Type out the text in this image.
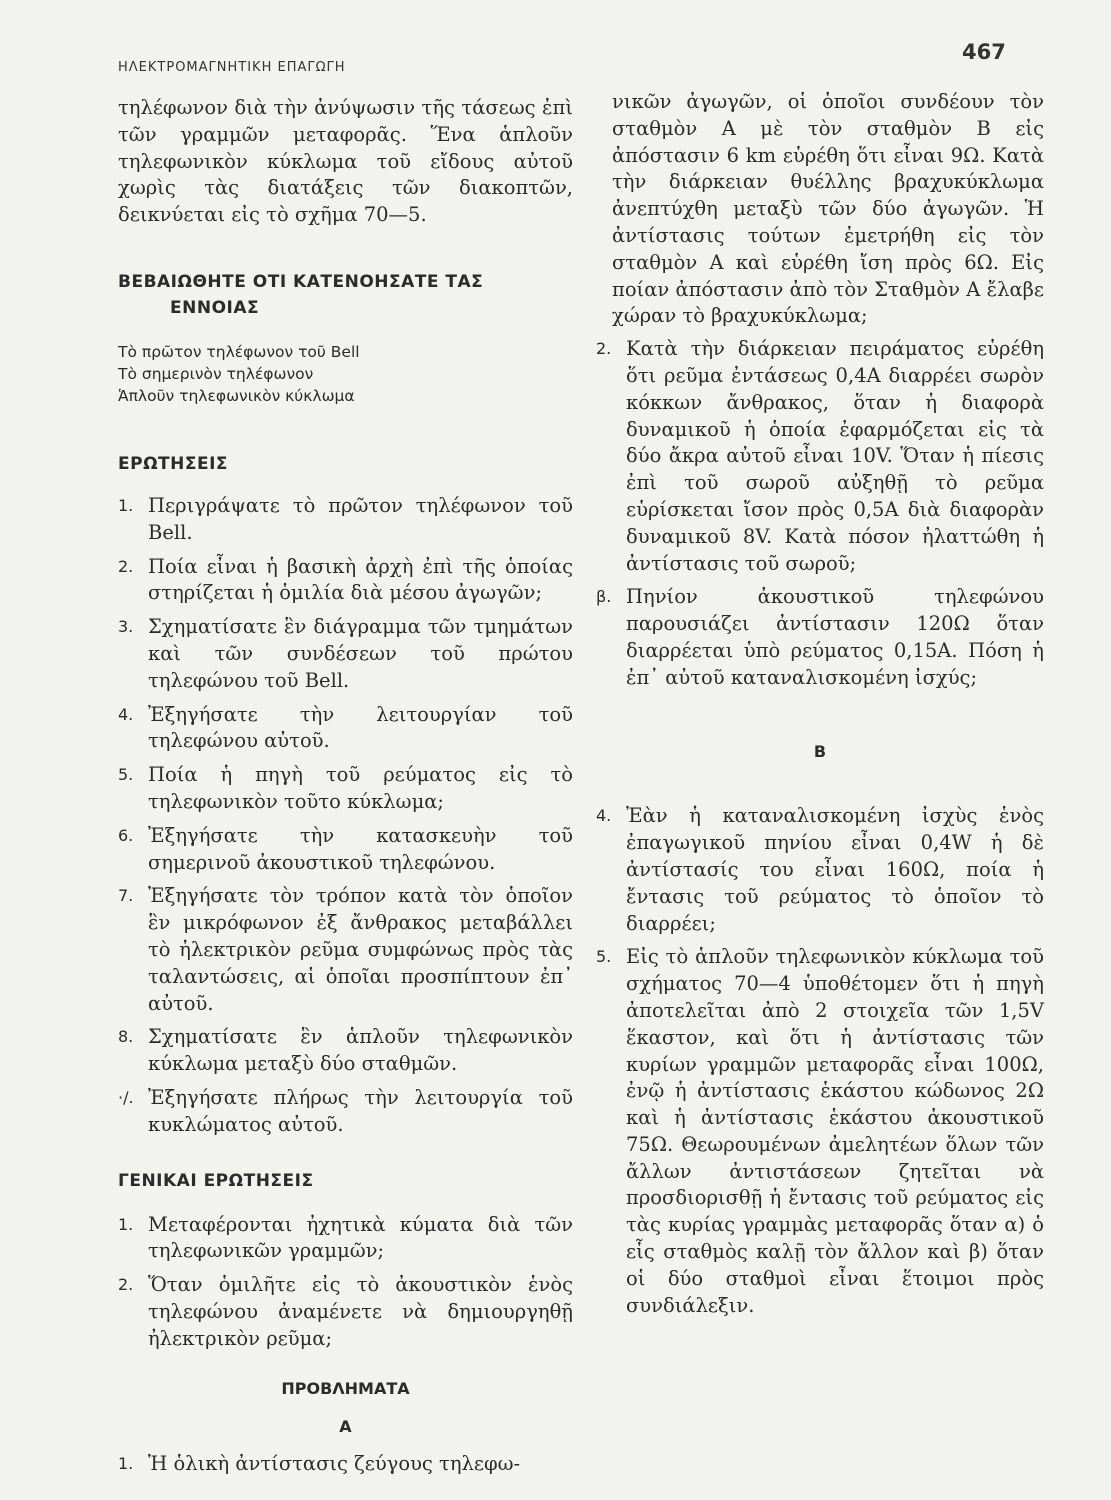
ΗΛΕΚΤΡΟΜΑΓΝΗΤΙΚΗ ΕΠΑΓΩΓΗ
467

τηλέφωνον διὰ τὴν ἀνύψωσιν τῆς τάσεως ἐπὶ τῶν γραμμῶν μεταφορᾶς. Ἕνα ἁπλοῦν τηλεφωνικὸν κύκλωμα τοῦ εἴδους αὐτοῦ χωρὶς τὰς διατάξεις τῶν διακοπτῶν, δεικνύεται εἰς τὸ σχῆμα 70—5.

ΒΕΒΑΙΩΘΗΤΕ ΟΤΙ ΚΑΤΕΝΟΗΣΑΤΕ ΤΑΣ
ΕΝΝΟΙΑΣ

Τὸ πρῶτον τηλέφωνον τοῦ Bell
Τὸ σημερινὸν τηλέφωνον
Ἁπλοῦν τηλεφωνικὸν κύκλωμα

ΕΡΩΤΗΣΕΙΣ

1. Περιγράψατε τὸ πρῶτον τηλέφωνον τοῦ Bell.
2. Ποία εἶναι ἡ βασικὴ ἀρχὴ ἐπὶ τῆς ὁποίας στηρίζεται ἡ ὁμιλία διὰ μέσου ἀγωγῶν;
3. Σχηματίσατε ἓν διάγραμμα τῶν τμημάτων καὶ τῶν συνδέσεων τοῦ πρώτου τηλεφώνου τοῦ Bell.
4. Ἐξηγήσατε τὴν λειτουργίαν τοῦ τηλεφώνου αὐτοῦ.
5. Ποία ἡ πηγὴ τοῦ ρεύματος εἰς τὸ τηλεφωνικὸν τοῦτο κύκλωμα;
6. Ἐξηγήσατε τὴν κατασκευὴν τοῦ σημερινοῦ ἀκουστικοῦ τηλεφώνου.
7. Ἐξηγήσατε τὸν τρόπον κατὰ τὸν ὁποῖον ἓν μικρόφωνον ἐξ ἄνθρακος μεταβάλλει τὸ ἠλεκτρικὸν ρεῦμα συμφώνως πρὸς τὰς ταλαντώσεις, αἱ ὁποῖαι προσπίπτουν ἐπ᾽ αὐτοῦ.
8. Σχηματίσατε ἓν ἁπλοῦν τηλεφωνικὸν κύκλωμα μεταξὺ δύο σταθμῶν.
·/. Ἐξηγήσατε πλήρως τὴν λειτουργία τοῦ κυκλώματος αὐτοῦ.

ΓΕΝΙΚΑΙ ΕΡΩΤΗΣΕΙΣ

1. Μεταφέρονται ἠχητικὰ κύματα διὰ τῶν τηλεφωνικῶν γραμμῶν;
2. Ὅταν ὁμιλῆτε εἰς τὸ ἀκουστικὸν ἑνὸς τηλεφώνου ἀναμένετε νὰ δημιουργηθῇ ἠλεκτρικὸν ρεῦμα;

ΠΡΟΒΛΗΜΑΤΑ

Α

1. Ἡ ὁλικὴ ἀντίστασις ζεύγους τηλεφω-

νικῶν ἀγωγῶν, οἱ ὁποῖοι συνδέουν τὸν σταθμὸν Α μὲ τὸν σταθμὸν Β εἰς ἀπόστασιν 6 km εὑρέθη ὅτι εἶναι 9Ω. Κατὰ τὴν διάρκειαν θυέλλης βραχυκύκλωμα ἀνεπτύχθη μεταξὺ τῶν δύο ἀγωγῶν. Ἡ ἀντίστασις τούτων ἐμετρήθη εἰς τὸν σταθμὸν Α καὶ εὑρέθη ἴση πρὸς 6Ω. Εἰς ποίαν ἀπόστασιν ἀπὸ τὸν Σταθμὸν Α ἔλαβε χώραν τὸ βραχυκύκλωμα;

2. Κατὰ τὴν διάρκειαν πειράματος εὑρέθη ὅτι ρεῦμα ἐντάσεως 0,4Α διαρρέει σωρὸν κόκκων ἄνθρακος, ὅταν ἡ διαφορὰ δυναμικοῦ ἡ ὁποία ἐφαρμόζεται εἰς τὰ δύο ἄκρα αὐτοῦ εἶναι 10V. Ὅταν ἡ πίεσις ἐπὶ τοῦ σωροῦ αὐξηθῇ τὸ ρεῦμα εὑρίσκεται ἴσον πρὸς 0,5Α διὰ διαφορὰν δυναμικοῦ 8V. Κατὰ πόσον ἠλαττώθη ἡ ἀντίστασις τοῦ σωροῦ;
β. Πηνίον ἀκουστικοῦ τηλεφώνου παρουσιάζει ἀντίστασιν 120Ω ὅταν διαρρέεται ὑπὸ ρεύματος 0,15Α. Πόση ἡ ἐπ᾽ αὐτοῦ καταναλισκομένη ἰσχύς;

Β

4. Ἐὰν ἡ καταναλισκομένη ἰσχὺς ἑνὸς ἐπαγωγικοῦ πηνίου εἶναι 0,4W ἡ δὲ ἀντίστασίς του εἶναι 160Ω, ποία ἡ ἔντασις τοῦ ρεύματος τὸ ὁποῖον τὸ διαρρέει;
5. Εἰς τὸ ἁπλοῦν τηλεφωνικὸν κύκλωμα τοῦ σχήματος 70—4 ὑποθέτομεν ὅτι ἡ πηγὴ ἀποτελεῖται ἀπὸ 2 στοιχεῖα τῶν 1,5V ἕκαστον, καὶ ὅτι ἡ ἀντίστασις τῶν κυρίων γραμμῶν μεταφορᾶς εἶναι 100Ω, ἐνῷ ἡ ἀντίστασις ἑκάστου κώδωνος 2Ω καὶ ἡ ἀντίστασις ἑκάστου ἀκουστικοῦ 75Ω. Θεωρουμένων ἀμελητέων ὅλων τῶν ἄλλων ἀντιστάσεων ζητεῖται νὰ προσδιορισθῇ ἡ ἔντασις τοῦ ρεύματος εἰς τὰς κυρίας γραμμὰς μεταφορᾶς ὅταν α) ὁ εἷς σταθμὸς καλῇ τὸν ἄλλον καὶ β) ὅταν οἱ δύο σταθμοὶ εἶναι ἕτοιμοι πρὸς συνδιάλεξιν.
